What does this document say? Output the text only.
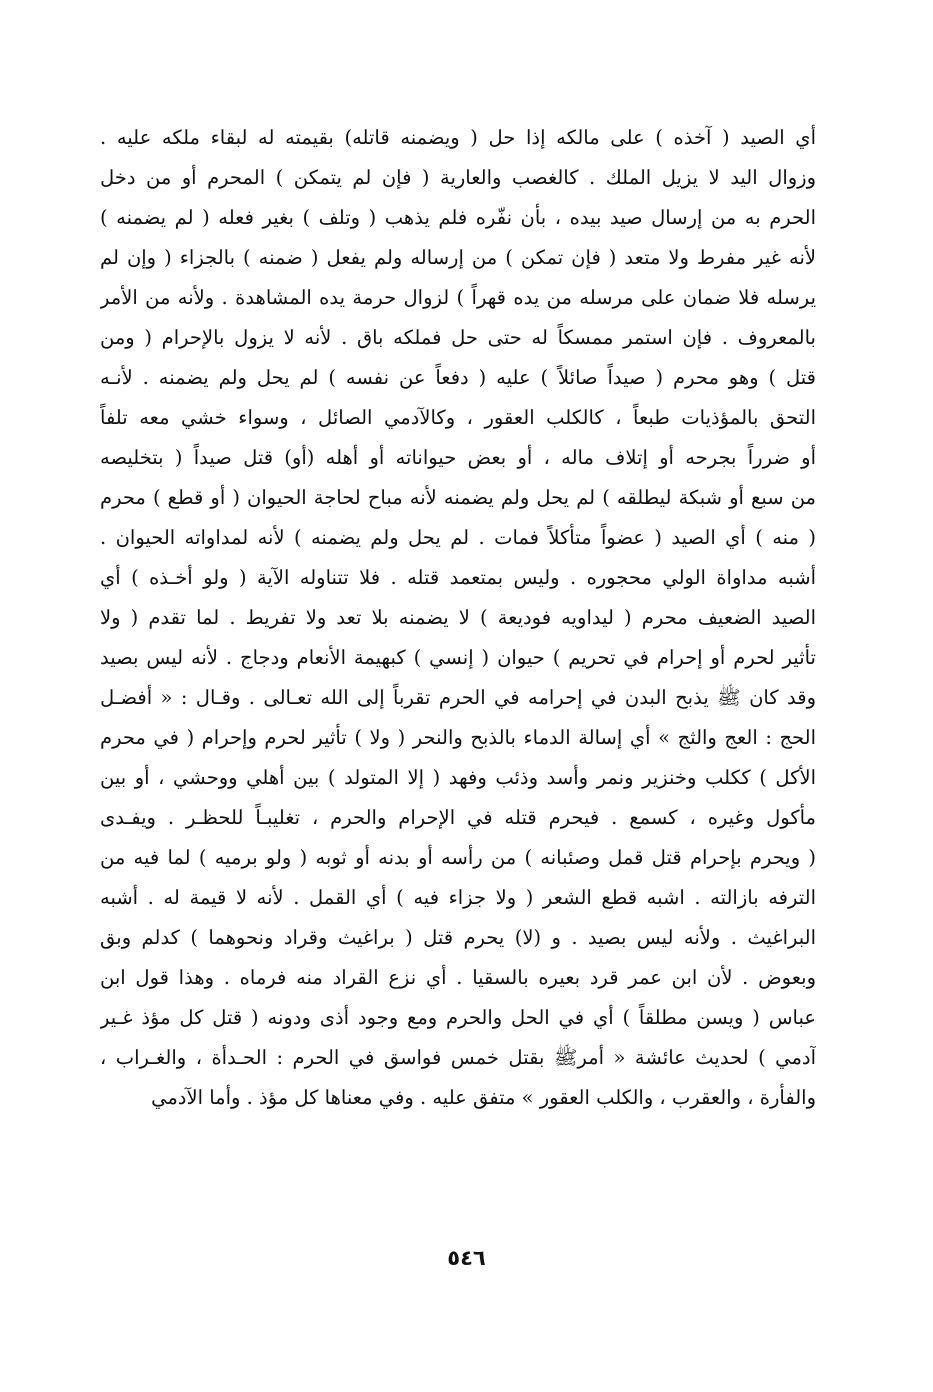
أي الصيد ( آخذه ) على مالكه إذا حل ( ويضمنه قاتله) بقيمته له لبقاء ملكه عليه .
وزوال اليد لا يزيل الملك . كالغصب والعارية ( فإن لم يتمكن ) المحرم أو من دخل
الحرم به من إرسال صيد بيده ، بأن نفّره فلم يذهب ( وتلف ) بغير فعله ( لم يضمنه )
لأنه غير مفرط ولا متعد ( فإن تمكن ) من إرساله ولم يفعل ( ضمنه ) بالجزاء ( وإن لم
يرسله فلا ضمان على مرسله من يده قهراً ) لزوال حرمة يده المشاهدة . ولأنه من الأمر
بالمعروف . فإن استمر ممسكاً له حتى حل فملكه باق . لأنه لا يزول بالإحرام ( ومن
قتل ) وهو محرم ( صيداً صائلاً ) عليه ( دفعاً عن نفسه ) لم يحل ولم يضمنه . لأنـه
التحق بالمؤذيات طبعاً ، كالكلب العقور ، وكالآدمي الصائل ، وسواء خشي معه تلفاً
أو ضرراً بجرحه أو إتلاف ماله ، أو بعض حيواناته أو أهله (أو) قتل صيداً ( بتخليصه
من سبع أو شبكة ليطلقه ) لم يحل ولم يضمنه لأنه مباح لحاجة الحيوان ( أو قطع ) محرم
( منه ) أي الصيد ( عضواً متأكلاً فمات . لم يحل ولم يضمنه ) لأنه لمداواته الحيوان .
أشبه مداواة الولي محجوره . وليس بمتعمد قتله . فلا تتناوله الآية ( ولو أخـذه ) أي
الصيد الضعيف محرم ( ليداويه فوديعة ) لا يضمنه بلا تعد ولا تفريط . لما تقدم ( ولا
تأثير لحرم أو إحرام في تحريم ) حيوان ( إنسي ) كبهيمة الأنعام ودجاج . لأنه ليس بصيد
وقد كان ﷺ يذبح البدن في إحرامه في الحرم تقرباً إلى الله تعـالى . وقـال : « أفضـل
الحج : العج والثج » أي إسالة الدماء بالذبح والنحر ( ولا ) تأثير لحرم وإحرام ( في محرم
الأكل ) ككلب وخنزير ونمر وأسد وذئب وفهد ( إلا المتولد ) بين أهلي ووحشي ، أو بين
مأكول وغيره ، كسمع . فيحرم قتله في الإحرام والحرم ، تغليبـاً للحظـر . ويفـدى
( ويحرم بإحرام قتل قمل وصئبانه ) من رأسه أو بدنه أو ثوبه ( ولو برميه ) لما فيه من
الترفه بازالته . اشبه قطع الشعر ( ولا جزاء فيه ) أي القمل . لأنه لا قيمة له . أشبه
البراغيث . ولأنه ليس بصيد . و (لا) يحرم قتل ( براغيث وقراد ونحوهما ) كدلم وبق
وبعوض . لأن ابن عمر قرد بعيره بالسقيا . أي نزع القراد منه فرماه . وهذا قول ابن
عباس ( ويسن مطلقاً ) أي في الحل والحرم ومع وجود أذى ودونه ( قتل كل مؤذ غـير
آدمي ) لحديث عائشة « أمرﷺ بقتل خمس فواسق في الحرم : الحـدأة ، والغـراب ،
والفأرة ، والعقرب ، والكلب العقور » متفق عليه . وفي معناها كل مؤذ . وأما الآدمي
٥٤٦
